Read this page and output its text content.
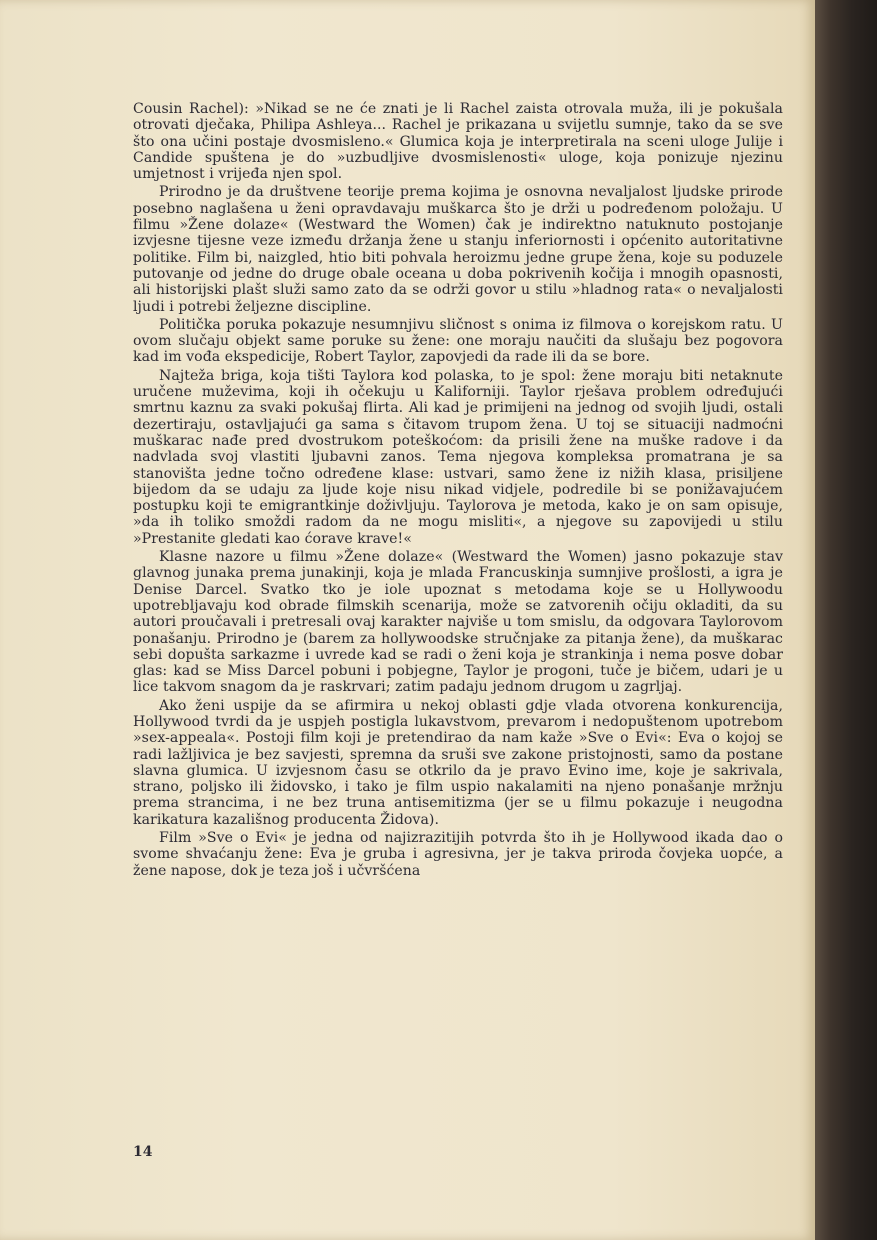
Cousin Rachel): »Nikad se ne će znati je li Rachel zaista otrovala muža, ili je pokušala otrovati dječaka, Philipa Ashleya... Rachel je prikazana u svijetlu sumnje, tako da se sve što ona učini postaje dvosmisleno.« Glumica koja je interpretirala na sceni uloge Julije i Candide spuštena je do »uzbudljive dvosmislenosti« uloge, koja ponizuje njezinu umjetnost i vrijeđa njen spol.

Prirodno je da društvene teorije prema kojima je osnovna nevaljalost ljudske prirode posebno naglašena u ženi opravdavaju muškarca što je drži u podređenom položaju. U filmu »Žene dolaze« (Westward the Women) čak je indirektno natuknuto postojanje izvjesne tijesne veze između držanja žene u stanju inferiornosti i općenito autoritativne politike. Film bi, naizgled, htio biti pohvala heroizmu jedne grupe žena, koje su poduzele putovanje od jedne do druge obale oceana u doba pokrivenih kočija i mnogih opasnosti, ali historijski plašt služi samo zato da se održi govor u stilu »hladnog rata« o nevaljalosti ljudi i potrebi željezne discipline.

Politička poruka pokazuje nesumnjivu sličnost s onima iz filmova o korejskom ratu. U ovom slučaju objekt same poruke su žene: one moraju naučiti da slušaju bez pogovora kad im vođa ekspedicije, Robert Taylor, zapovjedi da rade ili da se bore.

Najteža briga, koja tišti Taylora kod polaska, to je spol: žene moraju biti netaknute uručene muževima, koji ih očekuju u Kaliforniji. Taylor rješava problem određujući smrtnu kaznu za svaki pokušaj flirta. Ali kad je primijeni na jednog od svojih ljudi, ostali dezertiraju, ostavljajući ga sama s čitavom trupom žena. U toj se situaciji nadmoćni muškarac nađe pred dvostrukom poteškoćom: da prisili žene na muške radove i da nadvlada svoj vlastiti ljubavni zanos. Tema njegova kompleksa promatrana je sa stanovišta jedne točno određene klase: ustvari, samo žene iz nižih klasa, prisiljene bijedom da se udaju za ljude koje nisu nikad vidjele, podredile bi se ponižavajućem postupku koji te emigrantkinje doživljuju. Taylorova je metoda, kako je on sam opisuje, »da ih toliko smoždi radom da ne mogu misliti«, a njegove su zapovijedi u stilu »Prestanite gledati kao ćorave krave!«

Klasne nazore u filmu »Žene dolaze« (Westward the Women) jasno pokazuje stav glavnog junaka prema junakinji, koja je mlada Francuskinja sumnjive prošlosti, a igra je Denise Darcel. Svatko tko je iole upoznat s metodama koje se u Hollywoodu upotrebljavaju kod obrade filmskih scenarija, može se zatvorenih očiju okladiti, da su autori proučavali i pretresali ovaj karakter najviše u tom smislu, da odgovara Taylorovom ponašanju. Prirodno je (barem za hollywoodske stručnjake za pitanja žene), da muškarac sebi dopušta sarkazme i uvrede kad se radi o ženi koja je strankinja i nema posve dobar glas: kad se Miss Darcel pobuni i pobjegne, Taylor je progoni, tuče je bičem, udari je u lice takvom snagom da je raskrvari; zatim padaju jednom drugom u zagrljaj.

Ako ženi uspije da se afirmira u nekoj oblasti gdje vlada otvorena konkurencija, Hollywood tvrdi da je uspjeh postigla lukavstvom, prevarom i nedopuštenom upotrebom »sex-appeala«. Postoji film koji je pretendirao da nam kaže »Sve o Evi«: Eva o kojoj se radi lažljivica je bez savjesti, spremna da sruši sve zakone pristojnosti, samo da postane slavna glumica. U izvjesnom času se otkrilo da je pravo Evino ime, koje je sakrivala, strano, poljsko ili židovsko, i tako je film uspio nakalamiti na njeno ponašanje mržnju prema strancima, i ne bez truna antisemitizma (jer se u filmu pokazuje i neugodna karikatura kazališnog producenta Židova).

Film »Sve o Evi« je jedna od najizrazitijih potvrda što ih je Hollywood ikada dao o svome shvaćanju žene: Eva je gruba i agresivna, jer je takva priroda čovjeka uopće, a žene napose, dok je teza još i učvršćena

14
